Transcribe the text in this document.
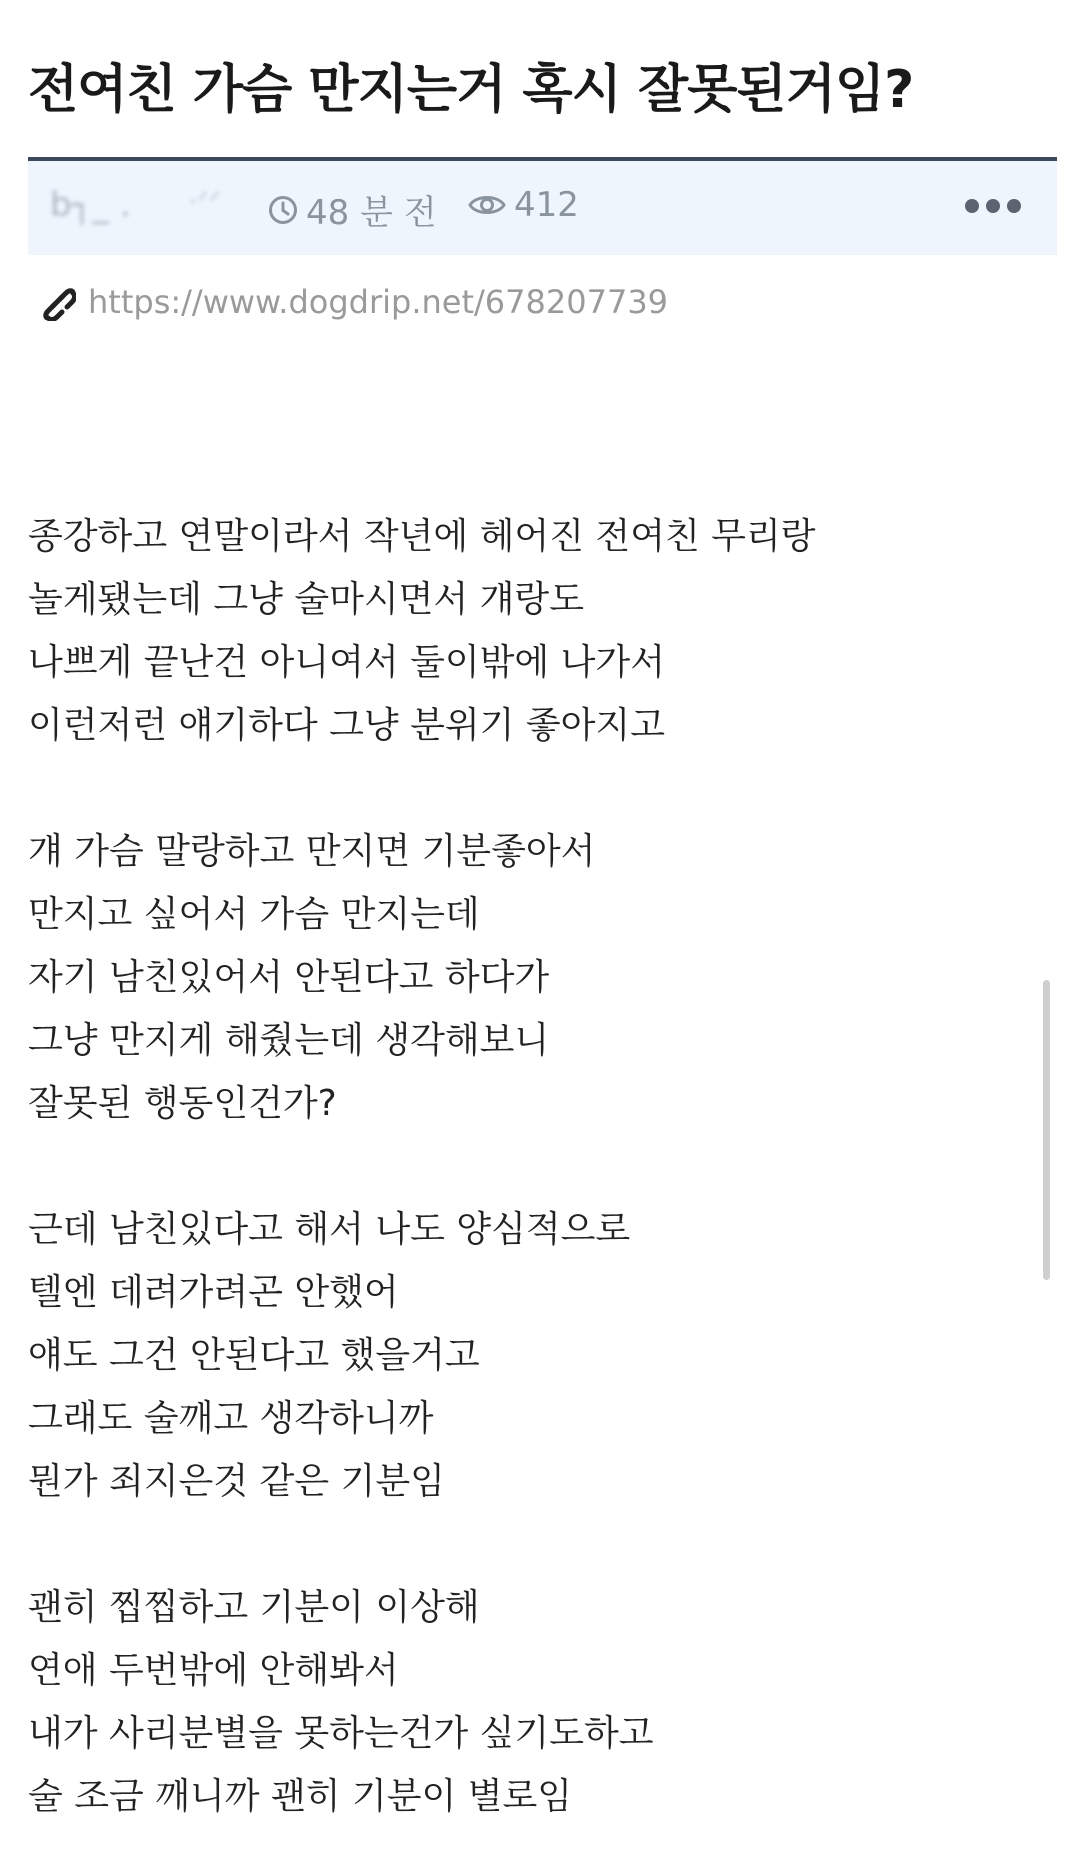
전여친 가슴 만지는거 혹시 잘못된거임?
b┐_ . ·ᐟᐟ	48 분 전 412
https://www.dogdrip.net/678207739
종강하고 연말이라서 작년에 헤어진 전여친 무리랑
놀게됐는데 그냥 술마시면서 걔랑도
나쁘게 끝난건 아니여서 둘이밖에 나가서
이런저런 얘기하다 그냥 분위기 좋아지고
걔 가슴 말랑하고 만지면 기분좋아서
만지고 싶어서 가슴 만지는데
자기 남친있어서 안된다고 하다가
그냥 만지게 해줬는데 생각해보니
잘못된 행동인건가?
근데 남친있다고 해서 나도 양심적으로
텔엔 데려가려곤 안했어
얘도 그건 안된다고 했을거고
그래도 술깨고 생각하니까
뭔가 죄지은것 같은 기분임
괜히 찝찝하고 기분이 이상해
연애 두번밖에 안해봐서
내가 사리분별을 못하는건가 싶기도하고
술 조금 깨니까 괜히 기분이 별로임
